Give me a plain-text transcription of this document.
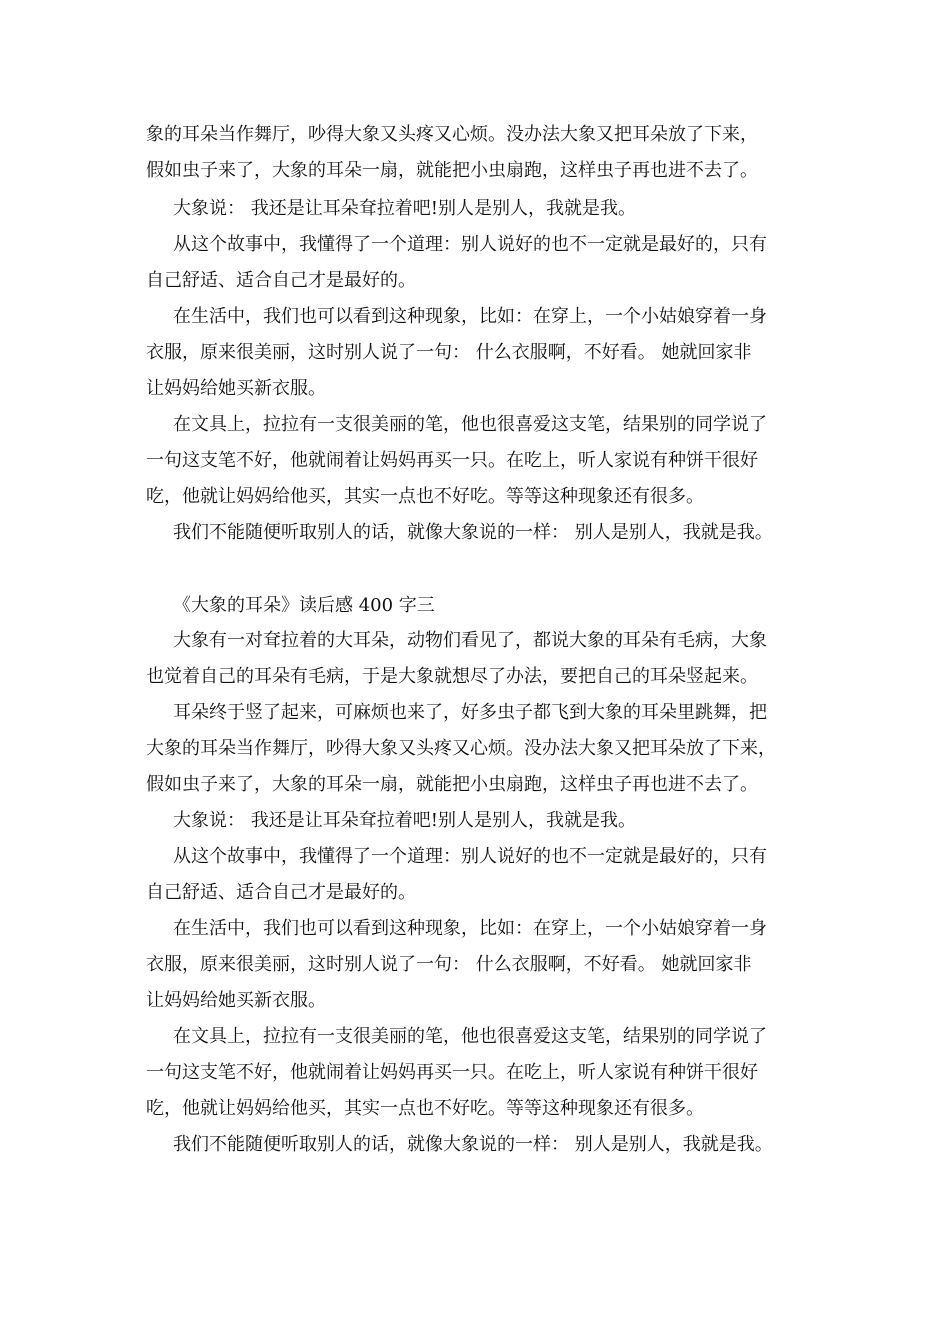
象的耳朵当作舞厅，吵得大象又头疼又心烦。没办法大象又把耳朵放了下来，
假如虫子来了，大象的耳朵一扇，就能把小虫扇跑，这样虫子再也进不去了。
大象说： 我还是让耳朵耷拉着吧!别人是别人，我就是我。
从这个故事中，我懂得了一个道理：别人说好的也不一定就是最好的，只有
自己舒适、适合自己才是最好的。
在生活中，我们也可以看到这种现象，比如：在穿上，一个小姑娘穿着一身
衣服，原来很美丽，这时别人说了一句： 什么衣服啊，不好看。 她就回家非
让妈妈给她买新衣服。
在文具上，拉拉有一支很美丽的笔，他也很喜爱这支笔，结果别的同学说了
一句这支笔不好，他就闹着让妈妈再买一只。在吃上，听人家说有种饼干很好
吃，他就让妈妈给他买，其实一点也不好吃。等等这种现象还有很多。
我们不能随便听取别人的话，就像大象说的一样： 别人是别人，我就是我。
《大象的耳朵》读后感 400 字三
大象有一对耷拉着的大耳朵，动物们看见了，都说大象的耳朵有毛病，大象
也觉着自己的耳朵有毛病，于是大象就想尽了办法，要把自己的耳朵竖起来。
耳朵终于竖了起来，可麻烦也来了，好多虫子都飞到大象的耳朵里跳舞，把
大象的耳朵当作舞厅，吵得大象又头疼又心烦。没办法大象又把耳朵放了下来，
假如虫子来了，大象的耳朵一扇，就能把小虫扇跑，这样虫子再也进不去了。
大象说： 我还是让耳朵耷拉着吧!别人是别人，我就是我。
从这个故事中，我懂得了一个道理：别人说好的也不一定就是最好的，只有
自己舒适、适合自己才是最好的。
在生活中，我们也可以看到这种现象，比如：在穿上，一个小姑娘穿着一身
衣服，原来很美丽，这时别人说了一句： 什么衣服啊，不好看。 她就回家非
让妈妈给她买新衣服。
在文具上，拉拉有一支很美丽的笔，他也很喜爱这支笔，结果别的同学说了
一句这支笔不好，他就闹着让妈妈再买一只。在吃上，听人家说有种饼干很好
吃，他就让妈妈给他买，其实一点也不好吃。等等这种现象还有很多。
我们不能随便听取别人的话，就像大象说的一样： 别人是别人，我就是我。
